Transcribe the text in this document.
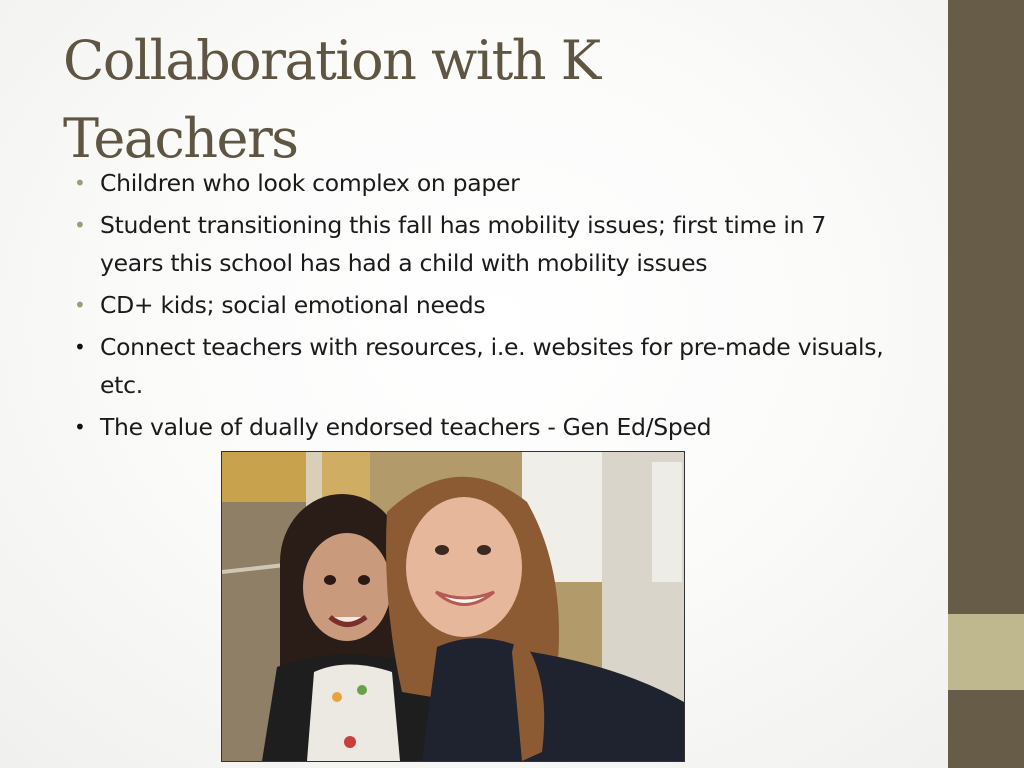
Collaboration with K
Teachers
• Children who look complex on paper
• Student transitioning this fall has mobility issues; first time in 7 years this school has had a child with mobility issues
• CD+ kids; social emotional needs
• Connect teachers with resources, i.e. websites for pre-made visuals, etc.
• The value of dually endorsed teachers - Gen Ed/Sped
